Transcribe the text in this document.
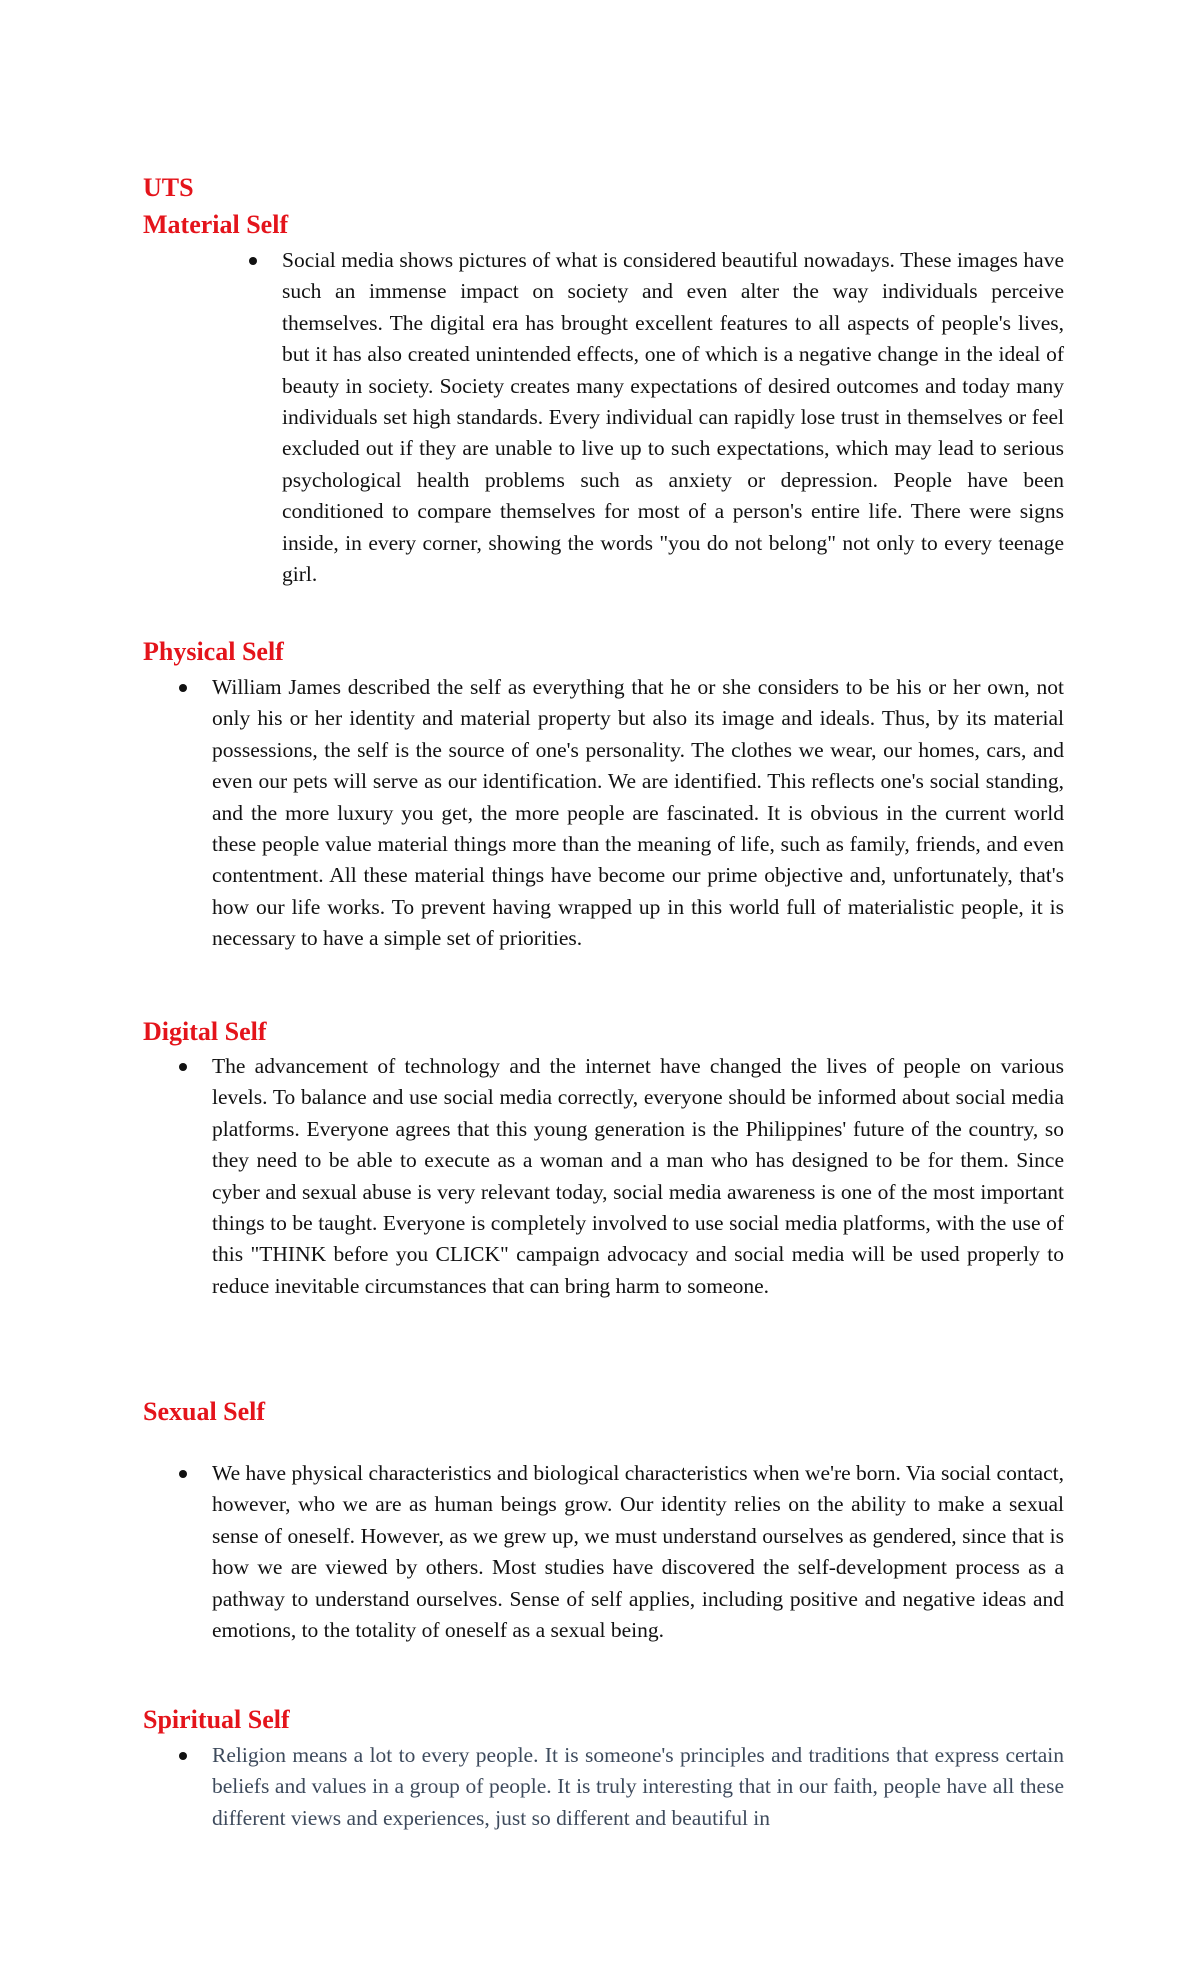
UTS
Material Self
Social media shows pictures of what is considered beautiful nowadays. These images have such an immense impact on society and even alter the way individuals perceive themselves. The digital era has brought excellent features to all aspects of people's lives, but it has also created unintended effects, one of which is a negative change in the ideal of beauty in society. Society creates many expectations of desired outcomes and today many individuals set high standards. Every individual can rapidly lose trust in themselves or feel excluded out if they are unable to live up to such expectations, which may lead to serious psychological health problems such as anxiety or depression. People have been conditioned to compare themselves for most of a person's entire life. There were signs inside, in every corner, showing the words "you do not belong" not only to every teenage girl.
Physical Self
William James described the self as everything that he or she considers to be his or her own, not only his or her identity and material property but also its image and ideals. Thus, by its material possessions, the self is the source of one's personality. The clothes we wear, our homes, cars, and even our pets will serve as our identification. We are identified. This reflects one's social standing, and the more luxury you get, the more people are fascinated. It is obvious in the current world these people value material things more than the meaning of life, such as family, friends, and even contentment. All these material things have become our prime objective and, unfortunately, that's how our life works. To prevent having wrapped up in this world full of materialistic people, it is necessary to have a simple set of priorities.
Digital Self
The advancement of technology and the internet have changed the lives of people on various levels. To balance and use social media correctly, everyone should be informed about social media platforms. Everyone agrees that this young generation is the Philippines' future of the country, so they need to be able to execute as a woman and a man who has designed to be for them. Since cyber and sexual abuse is very relevant today, social media awareness is one of the most important things to be taught. Everyone is completely involved to use social media platforms, with the use of this "THINK before you CLICK" campaign advocacy and social media will be used properly to reduce inevitable circumstances that can bring harm to someone.
Sexual Self
We have physical characteristics and biological characteristics when we're born. Via social contact, however, who we are as human beings grow. Our identity relies on the ability to make a sexual sense of oneself. However, as we grew up, we must understand ourselves as gendered, since that is how we are viewed by others. Most studies have discovered the self-development process as a pathway to understand ourselves. Sense of self applies, including positive and negative ideas and emotions, to the totality of oneself as a sexual being.
Spiritual Self
Religion means a lot to every people. It is someone's principles and traditions that express certain beliefs and values in a group of people. It is truly interesting that in our faith, people have all these different views and experiences, just so different and beautiful in
